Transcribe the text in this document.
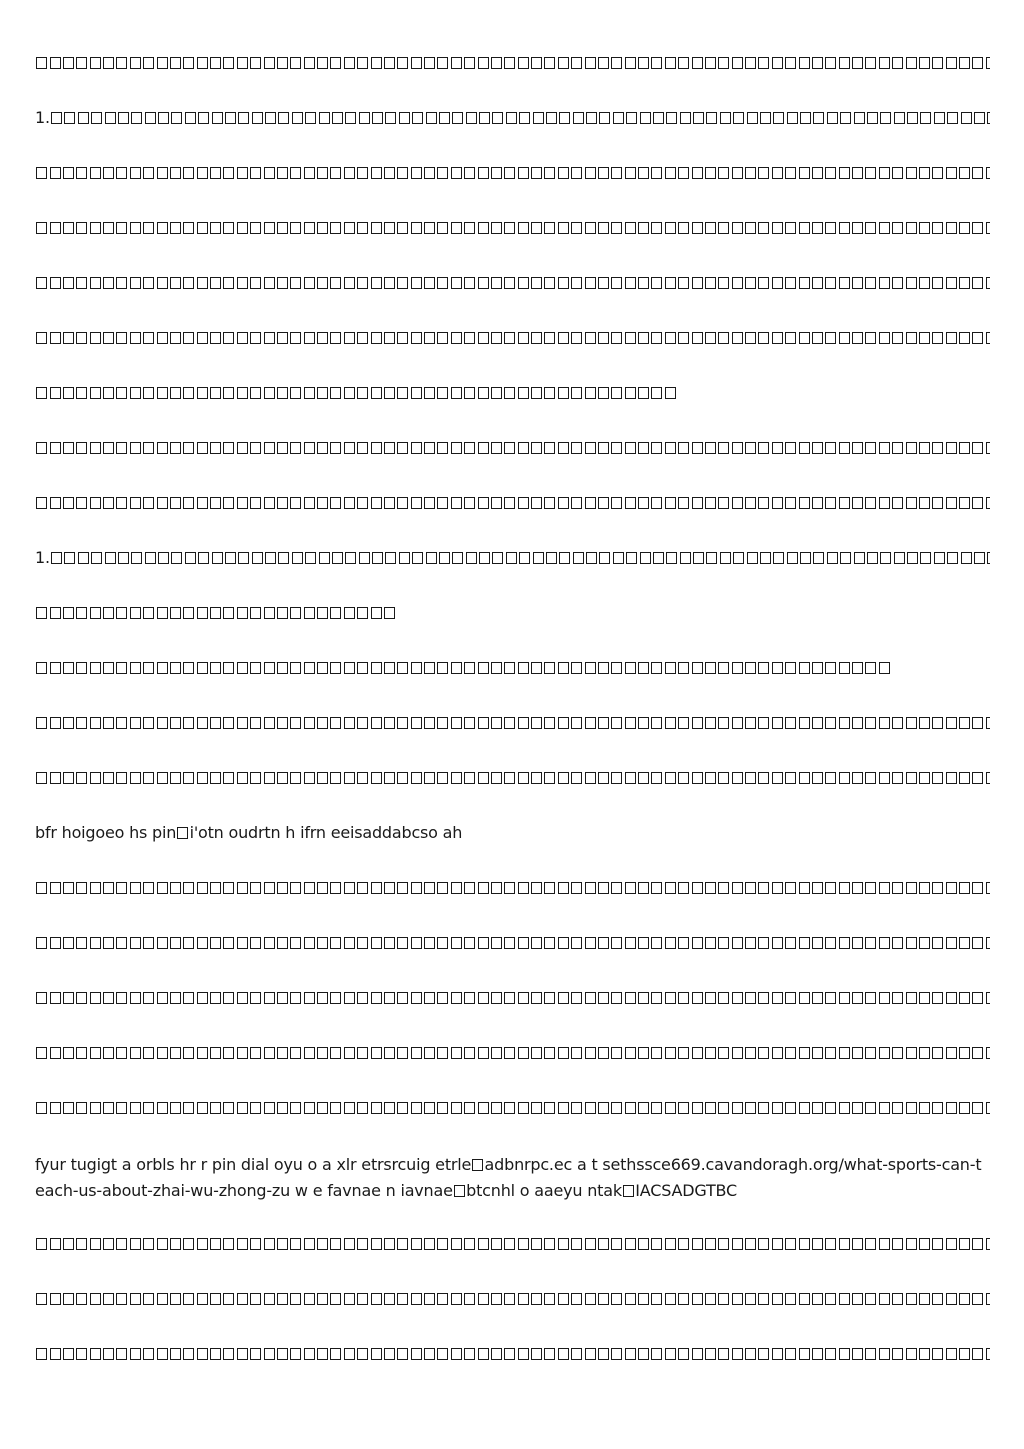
1.

1.

bfr hoigoeo hs pin i'otn oudrtn h ifrn eeisaddabcso ah

fyur tugigt a orbls hr r pin dial oyu o a xlr etrsrcuig etrle adbnrpc.ec a t sethssce669.cavandoragh.org/what-sports-can-teach-us-about-zhai-wu-zhong-zu w e favnae n iavnae btcnhl o aaeyu ntak IACSADGTBC
